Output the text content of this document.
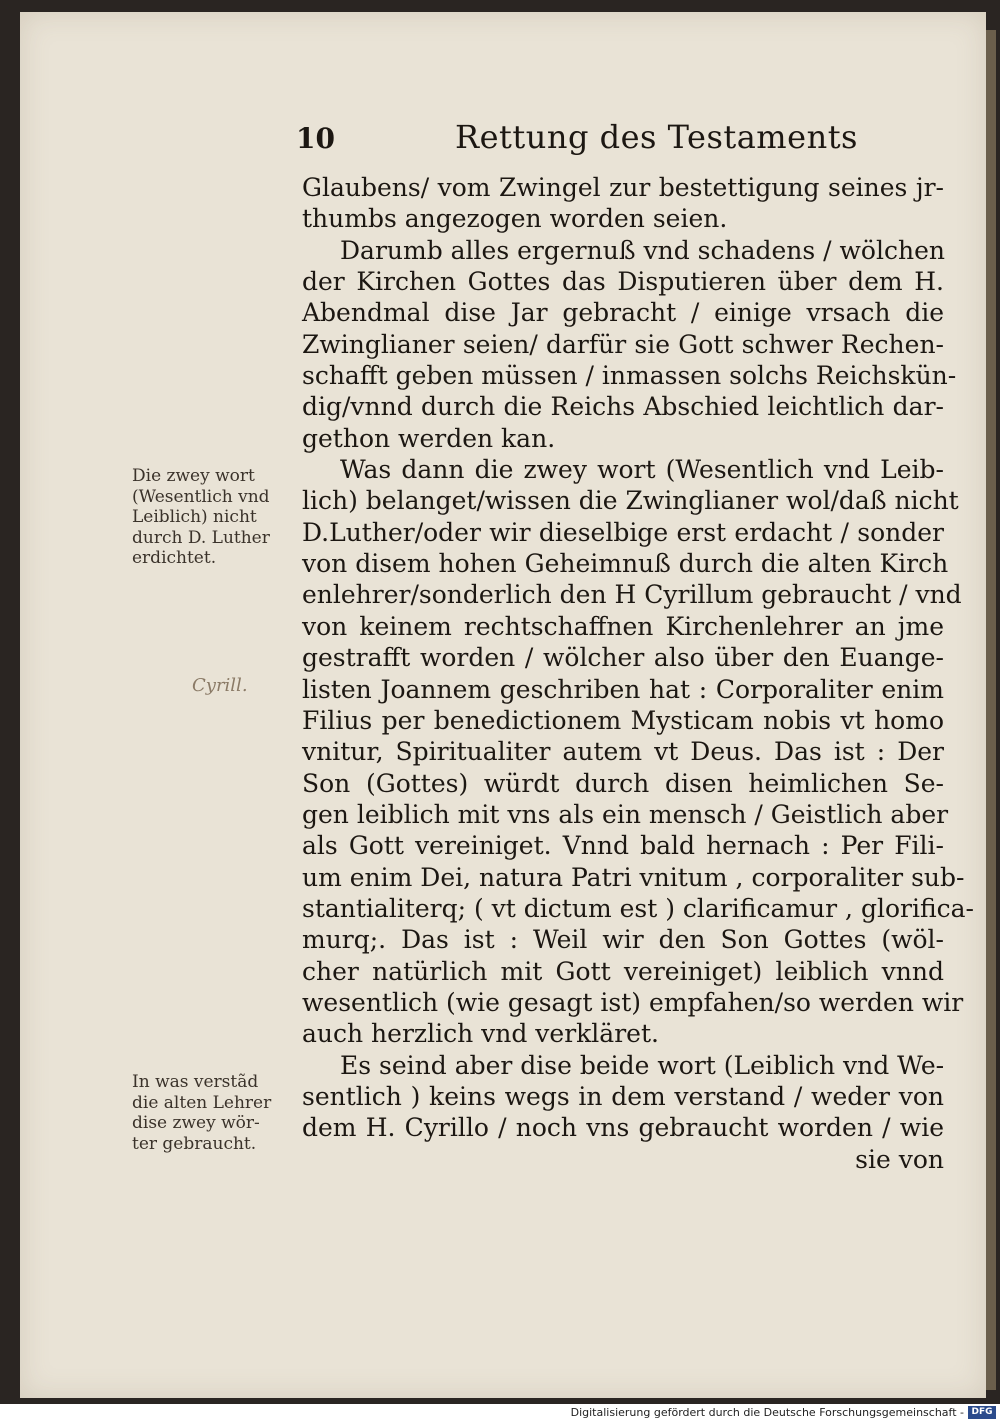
10	Rettung des Testaments
Glaubens/ vom Zwingel zur bestettigung seines jr-
thumbs angezogen worden seien.
Darumb alles ergernuß vnd schadens / wölchen
der Kirchen Gottes das Disputieren über dem H.
Abendmal dise Jar gebracht / einige vrsach die
Zwinglianer seien/ darfür sie Gott schwer Rechen-
schafft geben müssen / inmassen solchs Reichskün-
dig/vnnd durch die Reichs Abschied leichtlich dar-
gethon werden kan.
Was dann die zwey wort (Wesentlich vnd Leib-
lich) belanget/wissen die Zwinglianer wol/daß nicht
D.Luther/oder wir dieselbige erst erdacht / sonder
von disem hohen Geheimnuß durch die alten Kirch
enlehrer/sonderlich den H Cyrillum gebraucht / vnd
von keinem rechtschaffnen Kirchenlehrer an jme
gestrafft worden / wölcher also über den Euange-
listen Joannem geschriben hat : Corporaliter enim
Filius per benedictionem Mysticam nobis vt homo
vnitur, Spiritualiter autem vt Deus. Das ist : Der
Son (Gottes) würdt durch disen heimlichen Se-
gen leiblich mit vns als ein mensch / Geistlich aber
als Gott vereiniget. Vnnd bald hernach : Per Fili-
um enim Dei, natura Patri vnitum , corporaliter sub-
stantialiterq; ( vt dictum est ) clarificamur , glorifica-
murq;. Das ist : Weil wir den Son Gottes (wöl-
cher natürlich mit Gott vereiniget) leiblich vnnd
wesentlich (wie gesagt ist) empfahen/so werden wir
auch herzlich vnd verkläret.
Es seind aber dise beide wort (Leiblich vnd We-
sentlich ) keins wegs in dem verstand / weder von
dem H. Cyrillo / noch vns gebraucht worden / wie
sie von
Die zwey wort
(Wesentlich vnd
Leiblich) nicht
durch D. Luther
erdichtet.
Cyrill.
In was verstãd
die alten Lehrer
dise zwey wör-
ter gebraucht.
Digitalisierung gefördert durch die Deutsche Forschungsgemeinschaft - DFG
